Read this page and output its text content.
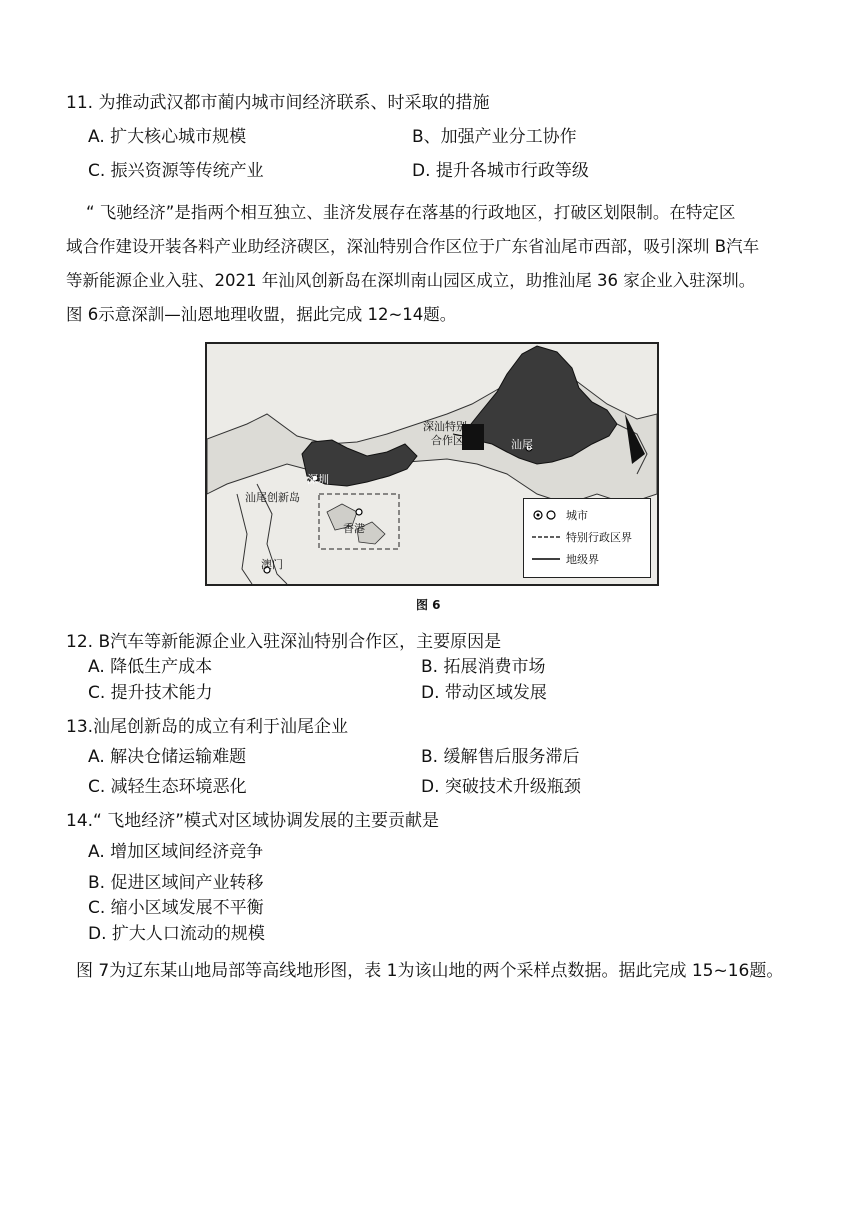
11. 为推动武汉都市蔺内城市间经济联系、时采取的措施
A. 扩大核心城市规模	B、加强产业分工协作
C. 振兴资源等传统产业	D. 提升各城市行政等级
“ 飞驰经济”是指两个相互独立、韭济发展存在落基的行政地区，打破区划限制。在特定区
域合作建设开装各料产业助经济碶区，深汕特别合作区位于广东省汕尾市西部，吸引深圳 B汽车
等新能源企业入驻、2021 年汕风创新岛在深圳南山园区成立，助推汕尾 36 家企业入驻深圳。
图 6示意深訓—汕恩地理收盟，据此完成 12~14题。
深圳
汕尾
汕尾创新岛
香港
澳门
深汕特别
合作区
城市
特别行政区界
地级界
图 6
12. B汽车等新能源企业入驻深汕特别合作区，主要原因是
A. 降低生产成本	B. 拓展消费市场
C. 提升技术能力	D. 带动区域发展
13.汕尾创新岛的成立有利于汕尾企业
A. 解决仓储运输难题	B. 缓解售后服务滞后
C. 减轻生态环境恶化	D. 突破技术升级瓶颈
14.“ 飞地经济”模式对区域协调发展的主要贡献是
A. 增加区域间经济竞争
B. 促进区域间产业转移
C. 缩小区域发展不平衡
D. 扩大人口流动的规模
图 7为辽东某山地局部等高线地形图，表 1为该山地的两个采样点数据。据此完成 15~16题。
